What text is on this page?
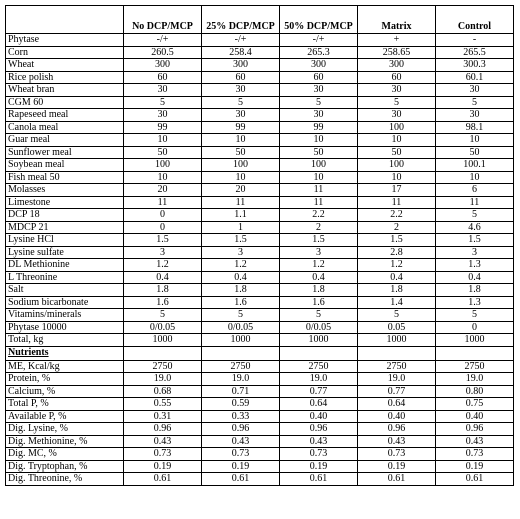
	No DCP/MCP	25% DCP/MCP	50% DCP/MCP	Matrix	Control
Phytase	-/+	-/+	-/+	+	-
Corn	260.5	258.4	265.3	258.65	265.5
Wheat	300	300	300	300	300.3
Rice polish	60	60	60	60	60.1
Wheat bran	30	30	30	30	30
CGM 60	5	5	5	5	5
Rapeseed meal	30	30	30	30	30
Canola meal	99	99	99	100	98.1
Guar meal	10	10	10	10	10
Sunflower meal	50	50	50	50	50
Soybean meal	100	100	100	100	100.1
Fish meal 50	10	10	10	10	10
Molasses	20	20	11	17	6
Limestone	11	11	11	11	11
DCP 18	0	1.1	2.2	2.2	5
MDCP 21	0	1	2	2	4.6
Lysine HCl	1.5	1.5	1.5	1.5	1.5
Lysine sulfate	3	3	3	2.8	3
DL Methionine	1.2	1.2	1.2	1.2	1.3
L Threonine	0.4	0.4	0.4	0.4	0.4
Salt	1.8	1.8	1.8	1.8	1.8
Sodium bicarbonate	1.6	1.6	1.6	1.4	1.3
Vitamins/minerals	5	5	5	5	5
Phytase 10000	0/0.05	0/0.05	0/0.05	0.05	0
Total, kg	1000	1000	1000	1000	1000
Nutrients					
ME, Kcal/kg	2750	2750	2750	2750	2750
Protein, %	19.0	19.0	19.0	19.0	19.0
Calcium, %	0.68	0.71	0.77	0.77	0.80
Total P, %	0.55	0.59	0.64	0.64	0.75
Available P, %	0.31	0.33	0.40	0.40	0.40
Dig. Lysine, %	0.96	0.96	0.96	0.96	0.96
Dig. Methionine, %	0.43	0.43	0.43	0.43	0.43
Dig. MC, %	0.73	0.73	0.73	0.73	0.73
Dig. Tryptophan, %	0.19	0.19	0.19	0.19	0.19
Dig. Threonine, %	0.61	0.61	0.61	0.61	0.61
